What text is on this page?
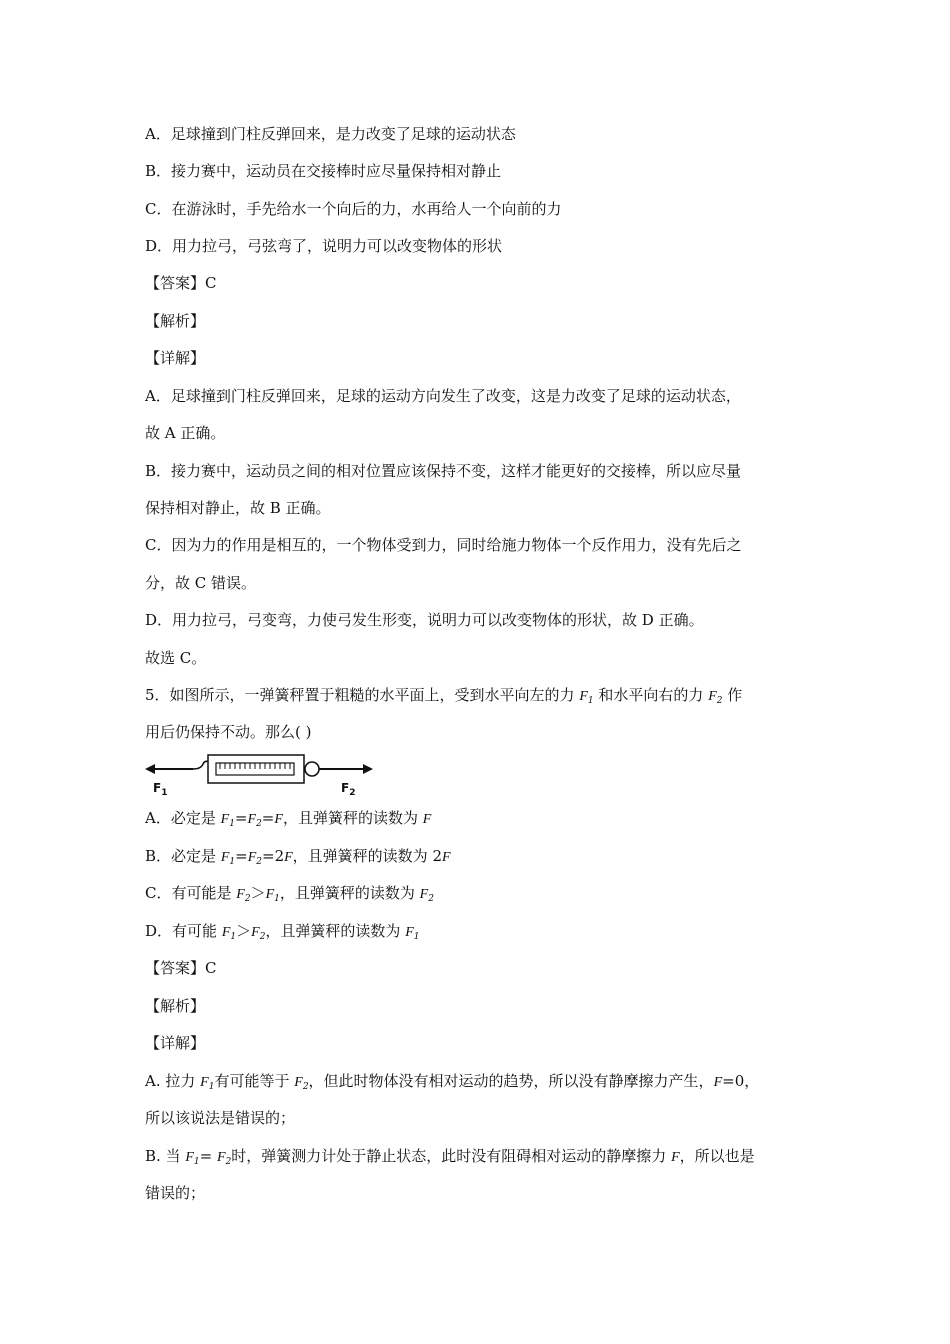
A．足球撞到门柱反弹回来，是力改变了足球的运动状态
B．接力赛中，运动员在交接棒时应尽量保持相对静止
C．在游泳时，手先给水一个向后的力，水再给人一个向前的力
D．用力拉弓，弓弦弯了，说明力可以改变物体的形状
【答案】C
【解析】
【详解】
A．足球撞到门柱反弹回来，足球的运动方向发生了改变，这是力改变了足球的运动状态，
故 A 正确。
B．接力赛中，运动员之间的相对位置应该保持不变，这样才能更好的交接棒，所以应尽量
保持相对静止，故 B 正确。
C．因为力的作用是相互的，一个物体受到力，同时给施力物体一个反作用力，没有先后之
分，故 C 错误。
D．用力拉弓，弓变弯，力使弓发生形变，说明力可以改变物体的形状，故 D 正确。
故选 C。
5．如图所示，一弹簧秤置于粗糙的水平面上，受到水平向左的力 $F_1$ 和水平向右的力 $F_2$ 作
用后仍保持不动。那么( )
$F_1$	$F_2$
A．必定是 $F_1=F_2=F$，且弹簧秤的读数为 F
B．必定是 $F_1=F_2=2F$，且弹簧秤的读数为 2F
C．有可能是 $F_2>F_1$，且弹簧秤的读数为 $F_2$
D．有可能 $F_1>F_2$，且弹簧秤的读数为 $F_1$
【答案】C
【解析】
【详解】
A. 拉力 $F_1$有可能等于 $F_2$，但此时物体没有相对运动的趋势，所以没有静摩擦力产生，F=0，
所以该说法是错误的；
B. 当 $F_1= F_2$时，弹簧测力计处于静止状态，此时没有阻碍相对运动的静摩擦力 F，所以也是
错误的；
